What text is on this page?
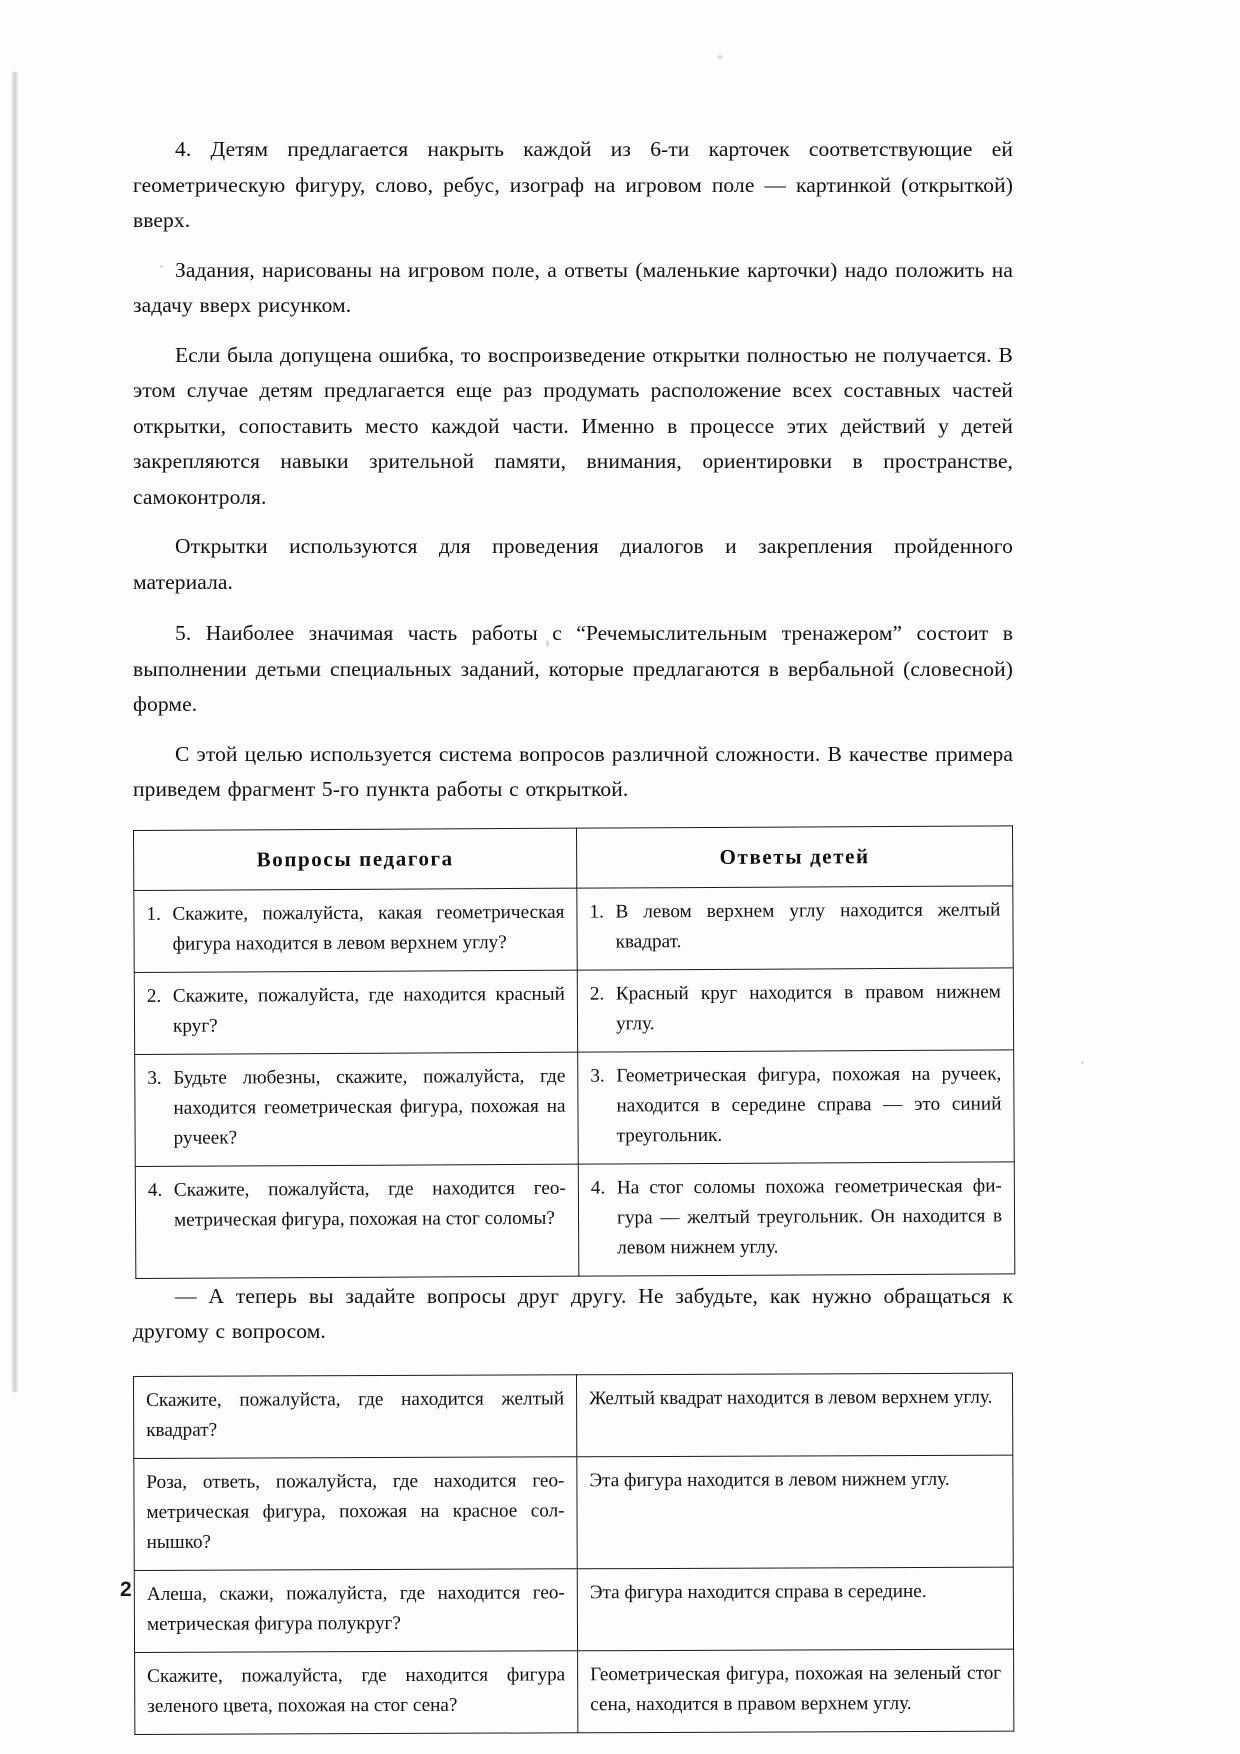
4. Детям предлагается накрыть каждой из 6-ти карточек соответствующие ей геометрическую фигуру, слово, ребус, изограф на игровом поле — картинкой (открыткой) вверх.

Задания, нарисованы на игровом поле, а ответы (маленькие карточки) надо положить на задачу вверх рисунком.

Если была допущена ошибка, то воспроизведение открытки полностью не получается. В этом случае детям предлагается еще раз продумать расположение всех составных частей открытки, сопоставить место каждой части. Именно в процессе этих действий у детей закрепляются навыки зрительной памяти, внимания, ориентировки в пространстве, самоконтроля.

Открытки используются для проведения диалогов и закрепления пройденного материала.

5. Наиболее значимая часть работы с “Речемыслительным тренажером” состоит в выполнении детьми специальных заданий, которые предлагаются в вербальной (словесной) форме.

С этой целью используется система вопросов различной сложности. В качестве примера приведем фрагмент 5-го пункта работы с открыткой.

Вопросы педагога	Ответы детей

1. Скажите, пожалуйста, какая геометрическая фигура находится в левом верхнем углу?	1. В левом верхнем углу находится желтый квадрат.

2. Скажите, пожалуйста, где находится красный круг?	2. Красный круг находится в правом нижнем углу.

3. Будьте любезны, скажите, пожалуйста, где находится геометрическая фигура, похожая на ручеек?	3. Геометрическая фигура, похожая на ручеек, находится в середине справа — это синий треугольник.

4. Скажите, пожалуйста, где находится геометрическая фигура, похожая на стог соломы?	4. На стог соломы похожа геометрическая фигура — желтый треугольник. Он находится в левом нижнем углу.

— А теперь вы задайте вопросы друг другу. Не забудьте, как нужно обращаться к другому с вопросом.

Скажите, пожалуйста, где находится желтый квадрат?	Желтый квадрат находится в левом верхнем углу.
Роза, ответь, пожалуйста, где находится геометрическая фигура, похожая на красное солнышко?	Эта фигура находится в левом нижнем углу.
Алеша, скажи, пожалуйста, где находится геометрическая фигура полукруг?	Эта фигура находится справа в середине.
Скажите, пожалуйста, где находится фигура зеленого цвета, похожая на стог сена?	Геометрическая фигура, похожая на зеленый стог сена, находится в правом верхнем углу.
2
